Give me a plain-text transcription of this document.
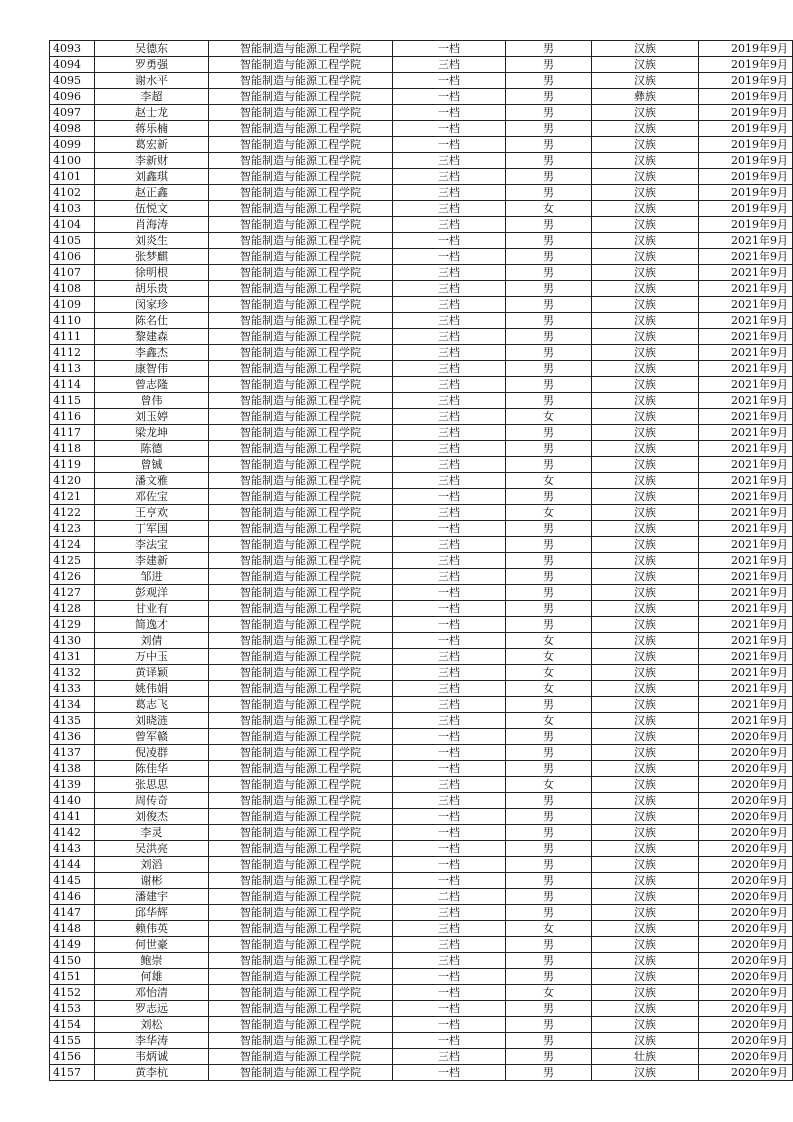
4093	吴德东	智能制造与能源工程学院	一档	男	汉族	2019年9月
4094	罗勇强	智能制造与能源工程学院	三档	男	汉族	2019年9月
4095	谢水平	智能制造与能源工程学院	一档	男	汉族	2019年9月
4096	李超	智能制造与能源工程学院	一档	男	彝族	2019年9月
4097	赵士龙	智能制造与能源工程学院	一档	男	汉族	2019年9月
4098	蒋乐楠	智能制造与能源工程学院	一档	男	汉族	2019年9月
4099	葛宏新	智能制造与能源工程学院	一档	男	汉族	2019年9月
4100	李新财	智能制造与能源工程学院	三档	男	汉族	2019年9月
4101	刘鑫琪	智能制造与能源工程学院	三档	男	汉族	2019年9月
4102	赵正鑫	智能制造与能源工程学院	三档	男	汉族	2019年9月
4103	伍悦文	智能制造与能源工程学院	三档	女	汉族	2019年9月
4104	肖海涛	智能制造与能源工程学院	三档	男	汉族	2019年9月
4105	刘炎生	智能制造与能源工程学院	一档	男	汉族	2021年9月
4106	张梦麒	智能制造与能源工程学院	一档	男	汉族	2021年9月
4107	徐明根	智能制造与能源工程学院	三档	男	汉族	2021年9月
4108	胡乐贵	智能制造与能源工程学院	三档	男	汉族	2021年9月
4109	闵家珍	智能制造与能源工程学院	三档	男	汉族	2021年9月
4110	陈名仕	智能制造与能源工程学院	三档	男	汉族	2021年9月
4111	黎建森	智能制造与能源工程学院	三档	男	汉族	2021年9月
4112	李鑫杰	智能制造与能源工程学院	三档	男	汉族	2021年9月
4113	康智伟	智能制造与能源工程学院	三档	男	汉族	2021年9月
4114	曾志隆	智能制造与能源工程学院	三档	男	汉族	2021年9月
4115	曾伟	智能制造与能源工程学院	三档	男	汉族	2021年9月
4116	刘玉婷	智能制造与能源工程学院	三档	女	汉族	2021年9月
4117	梁龙坤	智能制造与能源工程学院	三档	男	汉族	2021年9月
4118	陈德	智能制造与能源工程学院	三档	男	汉族	2021年9月
4119	曾铖	智能制造与能源工程学院	三档	男	汉族	2021年9月
4120	潘文雅	智能制造与能源工程学院	三档	女	汉族	2021年9月
4121	邓佐宝	智能制造与能源工程学院	一档	男	汉族	2021年9月
4122	王亨欢	智能制造与能源工程学院	三档	女	汉族	2021年9月
4123	丁军国	智能制造与能源工程学院	一档	男	汉族	2021年9月
4124	李法宝	智能制造与能源工程学院	三档	男	汉族	2021年9月
4125	李建新	智能制造与能源工程学院	三档	男	汉族	2021年9月
4126	邹进	智能制造与能源工程学院	三档	男	汉族	2021年9月
4127	彭观洋	智能制造与能源工程学院	一档	男	汉族	2021年9月
4128	甘业有	智能制造与能源工程学院	一档	男	汉族	2021年9月
4129	简逸才	智能制造与能源工程学院	一档	男	汉族	2021年9月
4130	刘倩	智能制造与能源工程学院	一档	女	汉族	2021年9月
4131	万中玉	智能制造与能源工程学院	三档	女	汉族	2021年9月
4132	黄译颖	智能制造与能源工程学院	三档	女	汉族	2021年9月
4133	姚伟娟	智能制造与能源工程学院	三档	女	汉族	2021年9月
4134	葛志飞	智能制造与能源工程学院	三档	男	汉族	2021年9月
4135	刘晓涟	智能制造与能源工程学院	三档	女	汉族	2021年9月
4136	曾军赣	智能制造与能源工程学院	一档	男	汉族	2020年9月
4137	倪凌群	智能制造与能源工程学院	一档	男	汉族	2020年9月
4138	陈佳华	智能制造与能源工程学院	一档	男	汉族	2020年9月
4139	张思思	智能制造与能源工程学院	三档	女	汉族	2020年9月
4140	周传奇	智能制造与能源工程学院	三档	男	汉族	2020年9月
4141	刘俊杰	智能制造与能源工程学院	一档	男	汉族	2020年9月
4142	李灵	智能制造与能源工程学院	一档	男	汉族	2020年9月
4143	吴洪亮	智能制造与能源工程学院	一档	男	汉族	2020年9月
4144	刘滔	智能制造与能源工程学院	一档	男	汉族	2020年9月
4145	谢彬	智能制造与能源工程学院	一档	男	汉族	2020年9月
4146	潘建宇	智能制造与能源工程学院	二档	男	汉族	2020年9月
4147	邱华辉	智能制造与能源工程学院	三档	男	汉族	2020年9月
4148	赖伟英	智能制造与能源工程学院	三档	女	汉族	2020年9月
4149	何世豪	智能制造与能源工程学院	三档	男	汉族	2020年9月
4150	鲍崇	智能制造与能源工程学院	三档	男	汉族	2020年9月
4151	何雄	智能制造与能源工程学院	一档	男	汉族	2020年9月
4152	邓怡清	智能制造与能源工程学院	一档	女	汉族	2020年9月
4153	罗志远	智能制造与能源工程学院	一档	男	汉族	2020年9月
4154	刘松	智能制造与能源工程学院	一档	男	汉族	2020年9月
4155	李华涛	智能制造与能源工程学院	一档	男	汉族	2020年9月
4156	韦炳诚	智能制造与能源工程学院	三档	男	壮族	2020年9月
4157	黄李杭	智能制造与能源工程学院	一档	男	汉族	2020年9月
